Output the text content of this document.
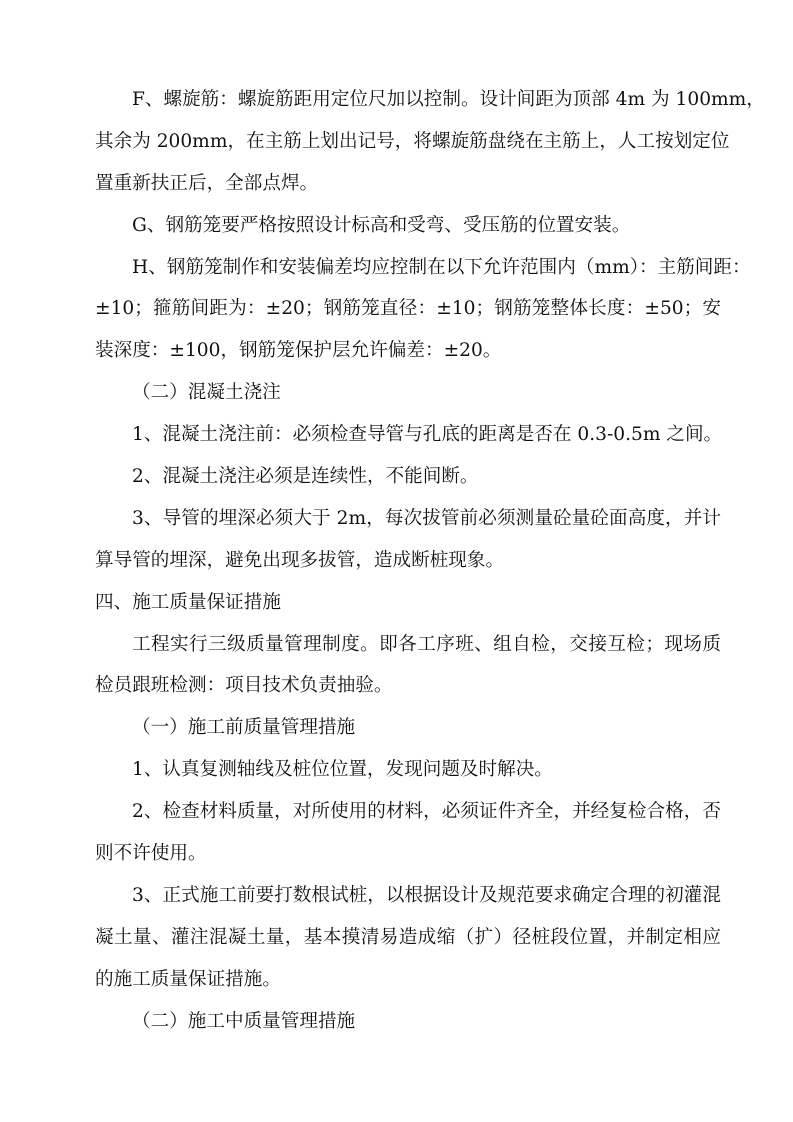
F、螺旋筋：螺旋筋距用定位尺加以控制。设计间距为顶部 4m 为 100mm，
其余为 200mm，在主筋上划出记号，将螺旋筋盘绕在主筋上，人工按划定位
置重新扶正后，全部点焊。
G、钢筋笼要严格按照设计标高和受弯、受压筋的位置安装。
H、钢筋笼制作和安装偏差均应控制在以下允许范围内（mm）：主筋间距：
±10；箍筋间距为：±20；钢筋笼直径：±10；钢筋笼整体长度：±50；安
装深度：±100，钢筋笼保护层允许偏差：±20。
（二）混凝土浇注
1、混凝土浇注前：必须检查导管与孔底的距离是否在 0.3-0.5m 之间。
2、混凝土浇注必须是连续性，不能间断。
3、导管的埋深必须大于 2m，每次拔管前必须测量砼量砼面高度，并计
算导管的埋深，避免出现多拔管，造成断桩现象。
四、施工质量保证措施
工程实行三级质量管理制度。即各工序班、组自检，交接互检；现场质
检员跟班检测：项目技术负责抽验。
（一）施工前质量管理措施
1、认真复测轴线及桩位位置，发现问题及时解决。
2、检查材料质量，对所使用的材料，必须证件齐全，并经复检合格，否
则不许使用。
3、正式施工前要打数根试桩，以根据设计及规范要求确定合理的初灌混
凝土量、灌注混凝土量，基本摸清易造成缩（扩）径桩段位置，并制定相应
的施工质量保证措施。
（二）施工中质量管理措施
